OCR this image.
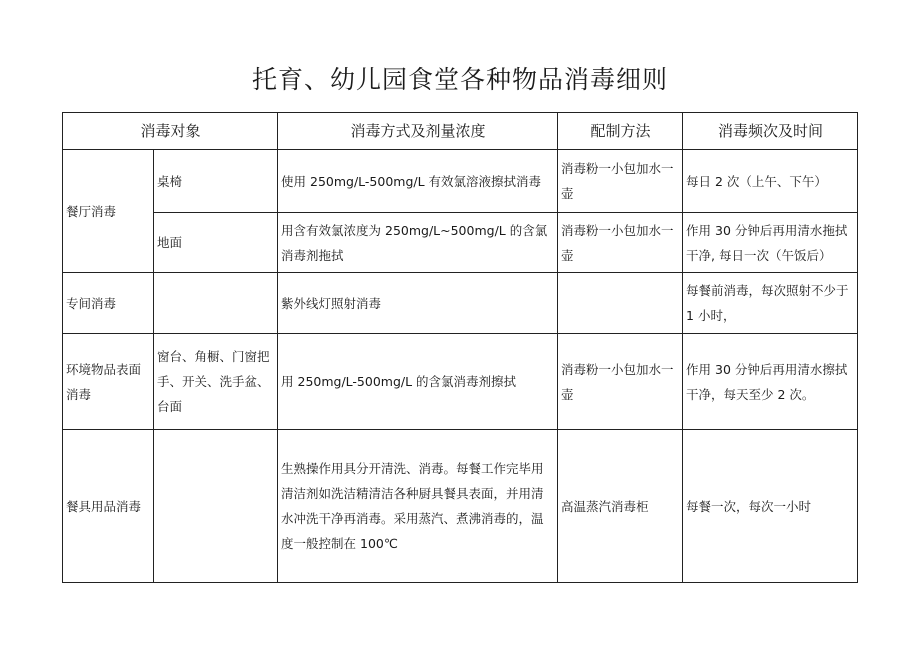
托育、幼儿园食堂各种物品消毒细则
消毒对象		消毒方式及剂量浓度	配制方法	消毒频次及时间
餐厅消毒	桌椅	使用 250mg/L-500mg/L 有效氯溶液擦拭消毒	消毒粉一小包加水一壶	每日 2 次（上午、下午）
	地面	用含有效氯浓度为 250mg/L~500mg/L 的含氯消毒剂拖拭	消毒粉一小包加水一壶	作用 30 分钟后再用清水拖拭干净, 每日一次（午饭后）
专间消毒		紫外线灯照射消毒		每餐前消毒，每次照射不少于 1 小时，
环境物品表面消毒	窗台、角橱、门窗把手、开关、洗手盆、台面	用 250mg/L-500mg/L 的含氯消毒剂擦拭	消毒粉一小包加水一壶	作用 30 分钟后再用清水擦拭干净，每天至少 2 次。
餐具用品消毒		生熟操作用具分开清洗、消毒。每餐工作完毕用清洁剂如洗洁精清洁各种厨具餐具表面，并用清水冲洗干净再消毒。采用蒸汽、煮沸消毒的，温度一般控制在 100℃	高温蒸汽消毒柜	每餐一次，每次一小时
